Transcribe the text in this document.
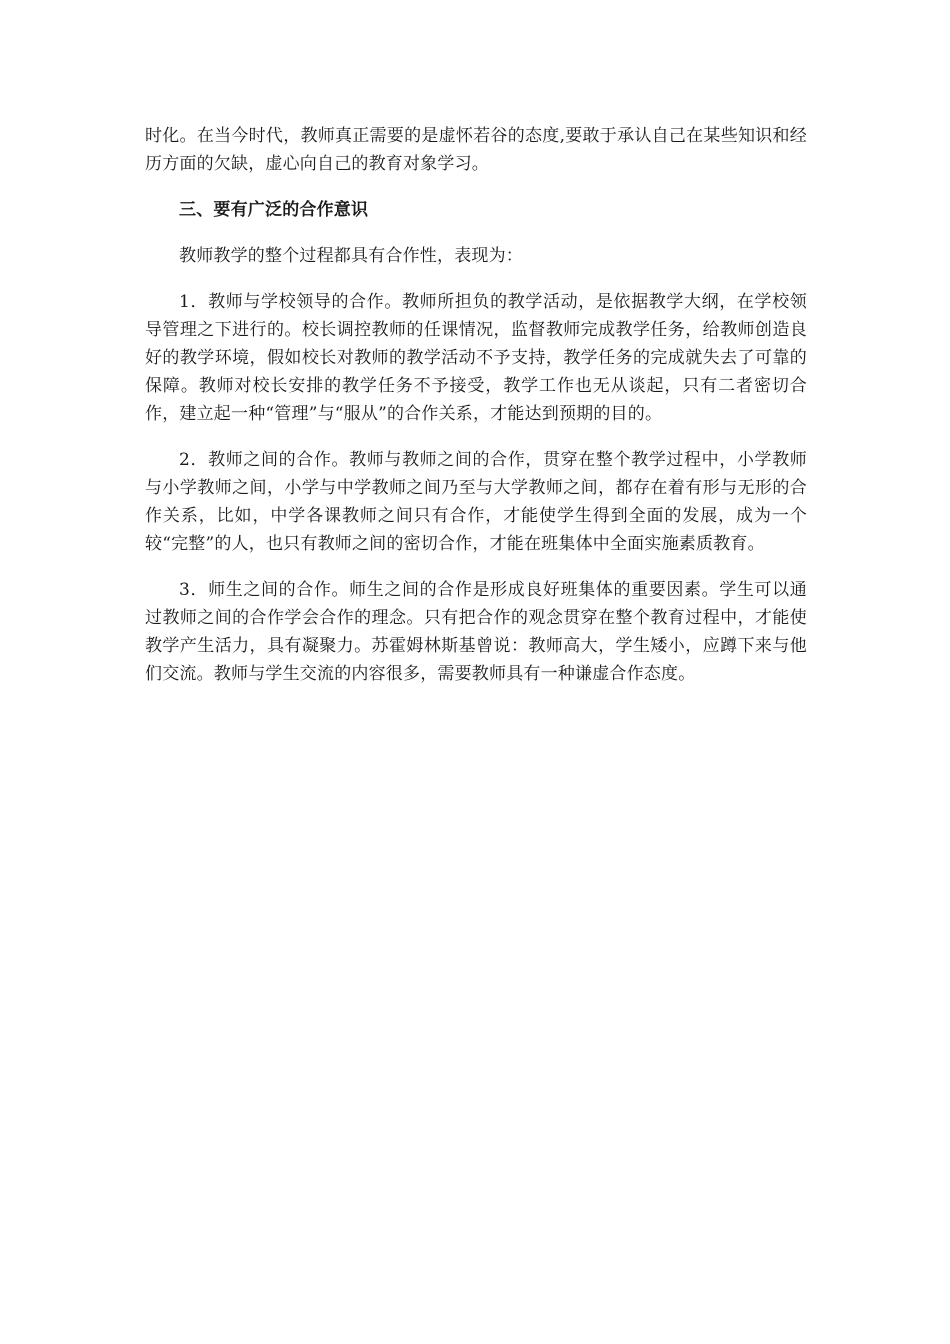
时化。在当今时代，教师真正需要的是虚怀若谷的态度,要敢于承认自己在某些知识和经历方面的欠缺，虚心向自己的教育对象学习。

三、要有广泛的合作意识

教师教学的整个过程都具有合作性，表现为：

1．教师与学校领导的合作。教师所担负的教学活动，是依据教学大纲，在学校领导管理之下进行的。校长调控教师的任课情况，监督教师完成教学任务，给教师创造良好的教学环境，假如校长对教师的教学活动不予支持，教学任务的完成就失去了可靠的保障。教师对校长安排的教学任务不予接受，教学工作也无从谈起，只有二者密切合作，建立起一种“管理”与“服从”的合作关系，才能达到预期的目的。

2．教师之间的合作。教师与教师之间的合作，贯穿在整个教学过程中，小学教师与小学教师之间，小学与中学教师之间乃至与大学教师之间，都存在着有形与无形的合作关系，比如，中学各课教师之间只有合作，才能使学生得到全面的发展，成为一个较“完整”的人，也只有教师之间的密切合作，才能在班集体中全面实施素质教育。

3．师生之间的合作。师生之间的合作是形成良好班集体的重要因素。学生可以通过教师之间的合作学会合作的理念。只有把合作的观念贯穿在整个教育过程中，才能使教学产生活力，具有凝聚力。苏霍姆林斯基曾说：教师高大，学生矮小，应蹲下来与他们交流。教师与学生交流的内容很多，需要教师具有一种谦虚合作态度。
